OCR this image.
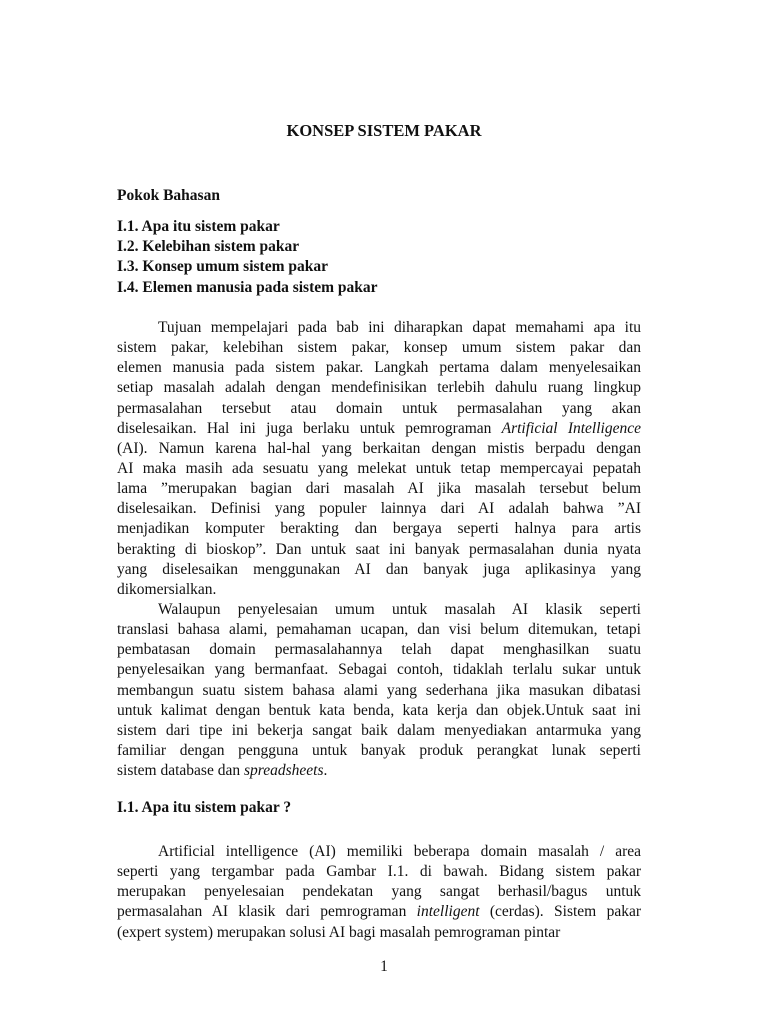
KONSEP SISTEM PAKAR
Pokok Bahasan
I.1. Apa itu sistem pakar
I.2. Kelebihan sistem pakar
I.3. Konsep umum sistem pakar
I.4. Elemen manusia pada sistem pakar
Tujuan mempelajari pada bab ini diharapkan dapat memahami apa itu
sistem pakar, kelebihan sistem pakar, konsep umum sistem pakar dan
elemen manusia pada sistem pakar. Langkah pertama dalam menyelesaikan
setiap masalah adalah dengan mendefinisikan terlebih dahulu ruang lingkup
permasalahan tersebut atau domain untuk permasalahan yang akan
diselesaikan. Hal ini juga berlaku untuk pemrograman Artificial Intelligence
(AI). Namun karena hal-hal yang berkaitan dengan mistis berpadu dengan
AI maka masih ada sesuatu yang melekat untuk tetap mempercayai pepatah
lama ”merupakan bagian dari masalah AI jika masalah tersebut belum
diselesaikan. Definisi yang populer lainnya dari AI adalah bahwa ”AI
menjadikan komputer berakting dan bergaya seperti halnya para artis
berakting di bioskop”. Dan untuk saat ini banyak permasalahan dunia nyata
yang diselesaikan menggunakan AI dan banyak juga aplikasinya yang
dikomersialkan.
Walaupun penyelesaian umum untuk masalah AI klasik seperti
translasi bahasa alami, pemahaman ucapan, dan visi belum ditemukan, tetapi
pembatasan domain permasalahannya telah dapat menghasilkan suatu
penyelesaikan yang bermanfaat. Sebagai contoh, tidaklah terlalu sukar untuk
membangun suatu sistem bahasa alami yang sederhana jika masukan dibatasi
untuk kalimat dengan bentuk kata benda, kata kerja dan objek.Untuk saat ini
sistem dari tipe ini bekerja sangat baik dalam menyediakan antarmuka yang
familiar dengan pengguna untuk banyak produk perangkat lunak seperti
sistem database dan spreadsheets.
I.1. Apa itu sistem pakar ?
Artificial intelligence (AI) memiliki beberapa domain masalah / area
seperti yang tergambar pada Gambar I.1. di bawah. Bidang sistem pakar
merupakan penyelesaian pendekatan yang sangat berhasil/bagus untuk
permasalahan AI klasik dari pemrograman intelligent (cerdas). Sistem pakar
(expert system) merupakan solusi AI bagi masalah pemrograman pintar
1
